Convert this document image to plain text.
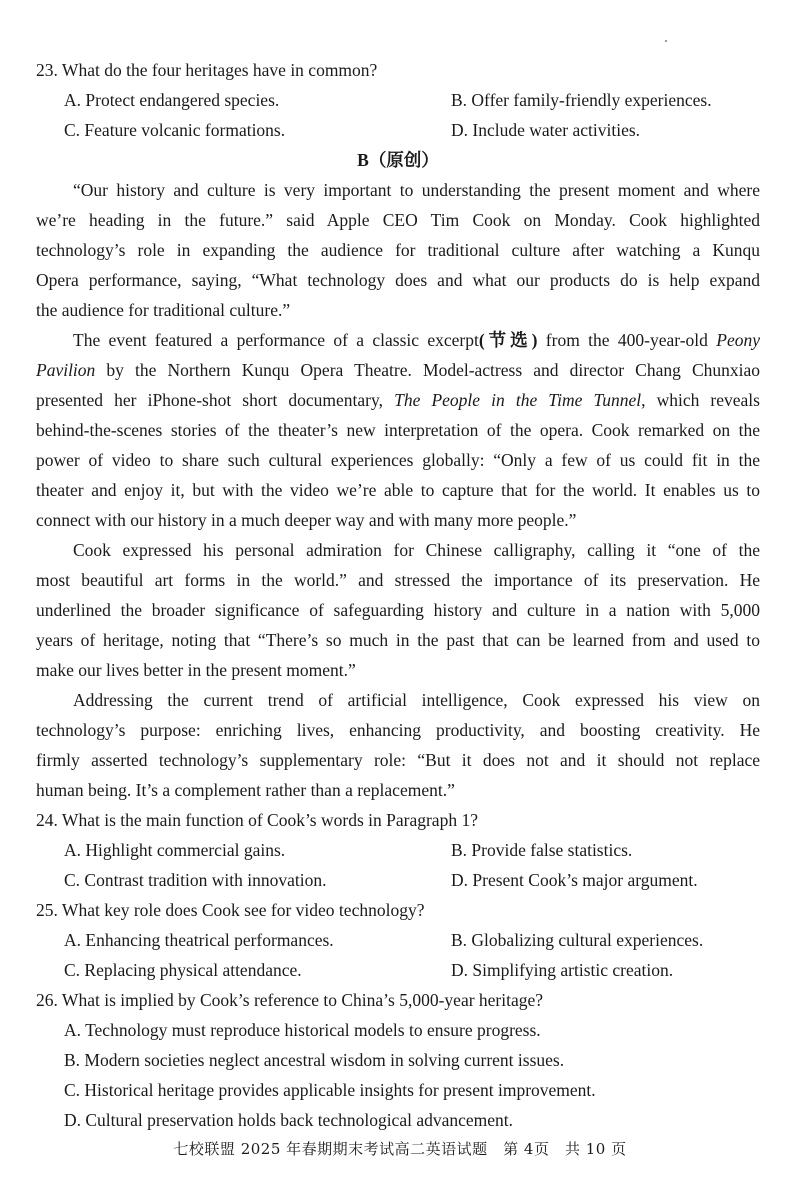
23. What do the four heritages have in common?
A. Protect endangered species.	B. Offer family-friendly experiences.
C. Feature volcanic formations.	D. Include water activities.
B（原创）
“Our history and culture is very important to understanding the present moment and where
we’re heading in the future.” said Apple CEO Tim Cook on Monday. Cook highlighted
technology’s role in expanding the audience for traditional culture after watching a Kunqu
Opera performance, saying, “What technology does and what our products do is help expand
the audience for traditional culture.”
The event featured a performance of a classic excerpt(节选) from the 400-year-old Peony
Pavilion by the Northern Kunqu Opera Theatre. Model-actress and director Chang Chunxiao
presented her iPhone-shot short documentary, The People in the Time Tunnel, which reveals
behind-the-scenes stories of the theater’s new interpretation of the opera. Cook remarked on the
power of video to share such cultural experiences globally: “Only a few of us could fit in the
theater and enjoy it, but with the video we’re able to capture that for the world. It enables us to
connect with our history in a much deeper way and with many more people.”
Cook expressed his personal admiration for Chinese calligraphy, calling it “one of the
most beautiful art forms in the world.” and stressed the importance of its preservation. He
underlined the broader significance of safeguarding history and culture in a nation with 5,000
years of heritage, noting that “There’s so much in the past that can be learned from and used to
make our lives better in the present moment.”
Addressing the current trend of artificial intelligence, Cook expressed his view on
technology’s purpose: enriching lives, enhancing productivity, and boosting creativity. He
firmly asserted technology’s supplementary role: “But it does not and it should not replace
human being. It’s a complement rather than a replacement.”
24. What is the main function of Cook’s words in Paragraph 1?
A. Highlight commercial gains.	B. Provide false statistics.
C. Contrast tradition with innovation.	D. Present Cook’s major argument.
25. What key role does Cook see for video technology?
A. Enhancing theatrical performances.	B. Globalizing cultural experiences.
C. Replacing physical attendance.	D. Simplifying artistic creation.
26. What is implied by Cook’s reference to China’s 5,000-year heritage?
A. Technology must reproduce historical models to ensure progress.
B. Modern societies neglect ancestral wisdom in solving current issues.
C. Historical heritage provides applicable insights for present improvement.
D. Cultural preservation holds back technological advancement.
七校联盟 2025 年春期期末考试高二英语试题　第 4页　共 10 页
